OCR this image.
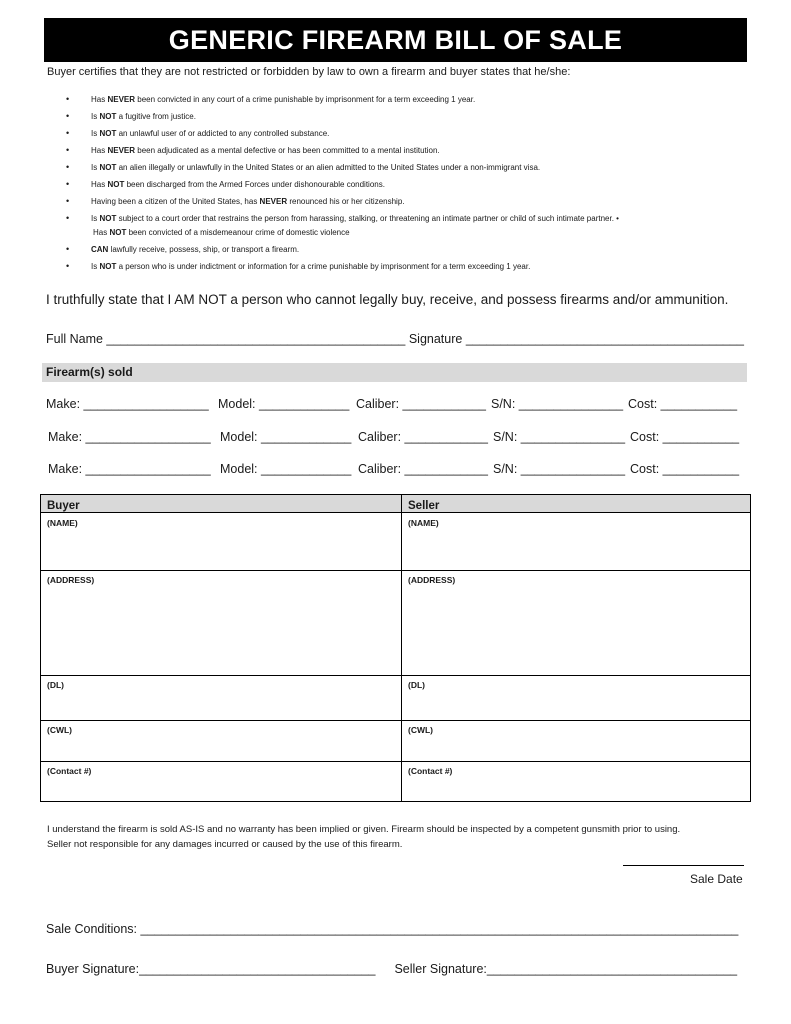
GENERIC FIREARM BILL OF SALE
Buyer certifies that they are not restricted or forbidden by law to own a firearm and buyer states that he/she:
•	Has NEVER been convicted in any court of a crime punishable by imprisonment for a term exceeding 1 year.
•	Is NOT a fugitive from justice.
•	Is NOT an unlawful user of or addicted to any controlled substance.
•	Has NEVER been adjudicated as a mental defective or has been committed to a mental institution.
•	Is NOT an alien illegally or unlawfully in the United States or an alien admitted to the United States under a non-immigrant visa.
•	Has NOT been discharged from the Armed Forces under dishonourable conditions.
•	Having been a citizen of the United States, has NEVER renounced his or her citizenship.
•	Is NOT subject to a court order that restrains the person from harassing, stalking, or threatening an intimate partner or child of such intimate partner. •
Has NOT been convicted of a misdemeanour crime of domestic violence
•	CAN lawfully receive, possess, ship, or transport a firearm.
•	Is NOT a person who is under indictment or information for a crime punishable by imprisonment for a term exceeding 1 year.
I truthfully state that I AM NOT a person who cannot legally buy, receive, and possess firearms and/or ammunition.
Full Name ___________________________________________ Signature ________________________________________
Firearm(s) sold
Make: __________________ Model: _____________ Caliber: ____________ S/N: _______________ Cost: ___________
Make: __________________ Model: _____________ Caliber: ____________ S/N: _______________ Cost: ___________
Make: __________________ Model: _____________ Caliber: ____________ S/N: _______________ Cost: ___________
Buyer	Seller
(NAME)	(NAME)
(ADDRESS)	(ADDRESS)
(DL)	(DL)
(CWL)	(CWL)
(Contact #)	(Contact #)
I understand the firearm is sold AS-IS and no warranty has been implied or given. Firearm should be inspected by a competent gunsmith prior to using. Seller not responsible for any damages incurred or caused by the use of this firearm.
Sale Date
Sale Conditions: ______________________________________________________________________________________
Buyer Signature:__________________________________ Seller Signature:____________________________________
